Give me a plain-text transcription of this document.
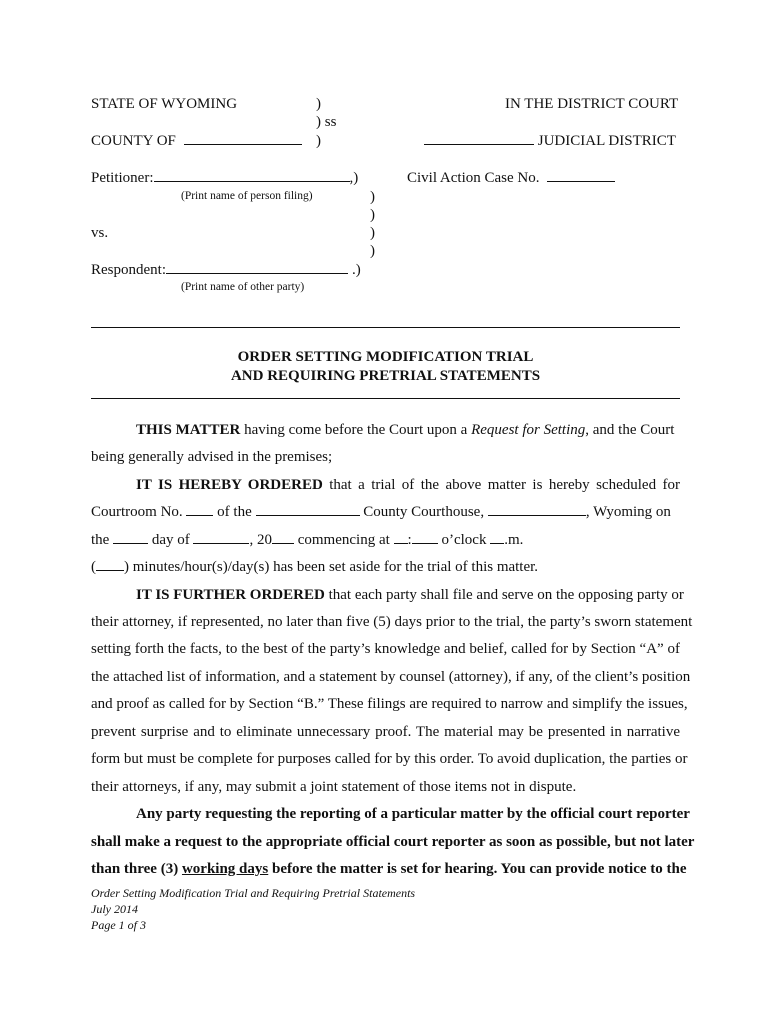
STATE OF WYOMING	)
) ss
IN THE DISTRICT COURT
COUNTY OF	)	JUDICIAL DISTRICT
Petitioner:	,)
(Print name of person filing)
Civil Action Case No.
)
)
vs.	)
)
Respondent:	.)
(Print name of other party)
ORDER SETTING MODIFICATION TRIAL
AND REQUIRING PRETRIAL STATEMENTS
THIS MATTER having come before the Court upon a Request for Setting, and the Court
being generally advised in the premises;
IT IS HEREBY ORDERED that a trial of the above matter is hereby scheduled for
Courtroom No.  of the	County Courthouse,	, Wyoming on
the  day of	, 20 commencing at : o’clock .m.
( ) minutes/hour(s)/day(s) has been set aside for the trial of this matter.
IT IS FURTHER ORDERED that each party shall file and serve on the opposing party or
their attorney, if represented, no later than five (5) days prior to the trial, the party’s sworn statement
setting forth the facts, to the best of the party’s knowledge and belief, called for by Section “A” of
the attached list of information, and a statement by counsel (attorney), if any, of the client’s position
and proof as called for by Section “B.” These filings are required to narrow and simplify the issues,
prevent surprise and to eliminate unnecessary proof. The material may be presented in narrative
form but must be complete for purposes called for by this order. To avoid duplication, the parties or
their attorneys, if any, may submit a joint statement of those items not in dispute.
Any party requesting the reporting of a particular matter by the official court reporter
shall make a request to the appropriate official court reporter as soon as possible, but not later
than three (3) working days before the matter is set for hearing. You can provide notice to the
Order Setting Modification Trial and Requiring Pretrial Statements
July 2014
Page 1 of 3
